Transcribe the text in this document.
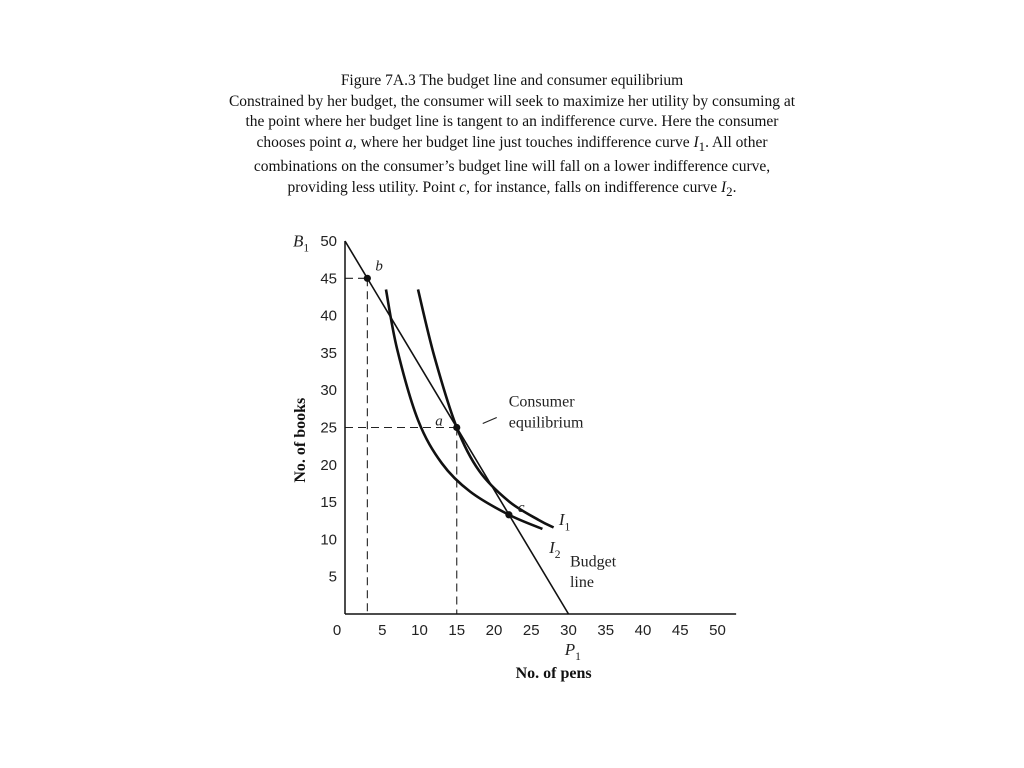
Figure 7A.3 The budget line and consumer equilibrium

Constrained by her budget, the consumer will seek to maximize her utility by consuming at

the point where her budget line is tangent to an indifference curve. Here the consumer

chooses point a, where her budget line just touches indifference curve $I_1$. All other

combinations on the consumer’s budget line will fall on a lower indifference curve,

providing less utility. Point c, for instance, falls on indifference curve $I_2$.

0 5 10 15 20 25 30 35 40 45 50
5
10
15
20
25
30
35
40
45
50
b
a
c
Consumer
equilibrium
Budget
line
$I_1$
$I_2$
$B_1$
$P_1$
No. of pens
No. of books
